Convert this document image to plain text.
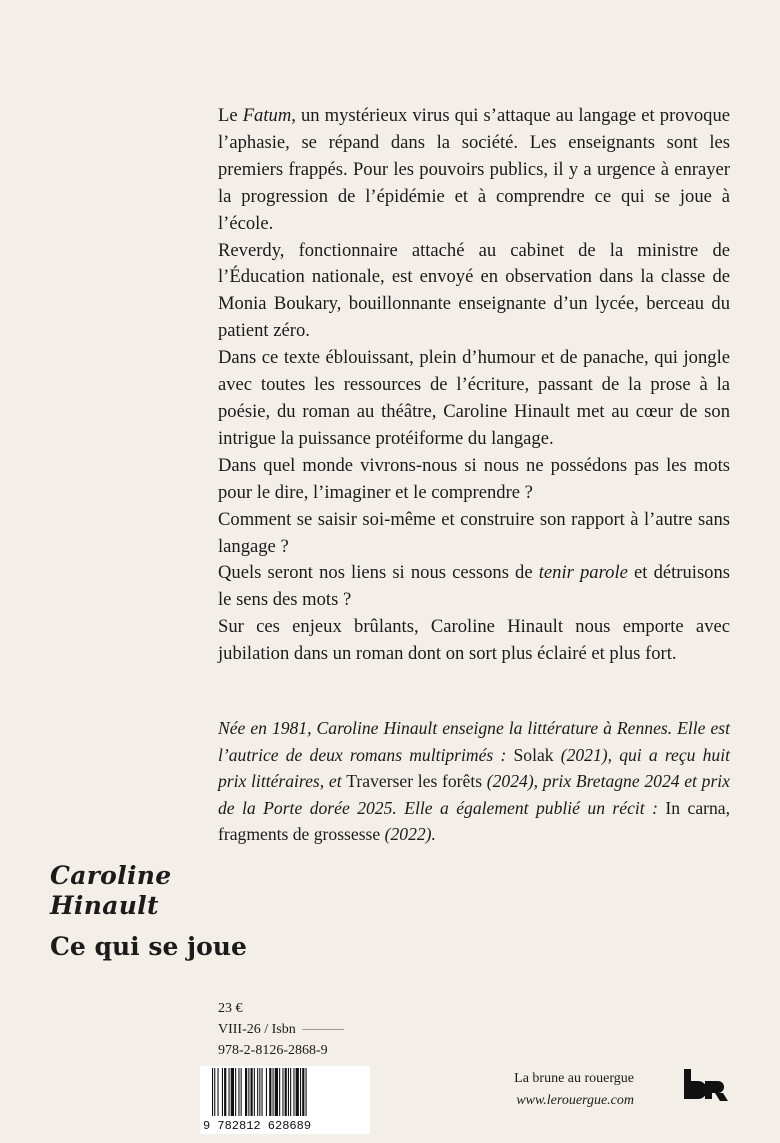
Le Fatum, un mystérieux virus qui s’attaque au langage et provoque l’aphasie, se répand dans la société. Les enseignants sont les premiers frappés. Pour les pouvoirs publics, il y a urgence à enrayer la progression de l’épidémie et à comprendre ce qui se joue à l’école.

Reverdy, fonctionnaire attaché au cabinet de la ministre de l’Éducation nationale, est envoyé en observation dans la classe de Monia Boukary, bouillonnante enseignante d’un lycée, berceau du patient zéro.

Dans ce texte éblouissant, plein d’humour et de panache, qui jongle avec toutes les ressources de l’écriture, passant de la prose à la poésie, du roman au théâtre, Caroline Hinault met au cœur de son intrigue la puissance protéiforme du langage.

Dans quel monde vivrons-nous si nous ne possédons pas les mots pour le dire, l’imaginer et le comprendre ?

Comment se saisir soi-même et construire son rapport à l’autre sans langage ?

Quels seront nos liens si nous cessons de tenir parole et détruisons le sens des mots ?

Sur ces enjeux brûlants, Caroline Hinault nous emporte avec jubilation dans un roman dont on sort plus éclairé et plus fort.

Née en 1981, Caroline Hinault enseigne la littérature à Rennes. Elle est l’autrice de deux romans multiprimés : Solak (2021), qui a reçu huit prix littéraires, et Traverser les forêts (2024), prix Bretagne 2024 et prix de la Porte dorée 2025. Elle a également publié un récit : In carna, fragments de grossesse (2022).

Caroline
Hinault
Ce qui se joue
23 €
VIII-26 / Isbn
978-2-8126-2868-9
9 782812 628689
La brune au rouergue
www.lerouergue.com
